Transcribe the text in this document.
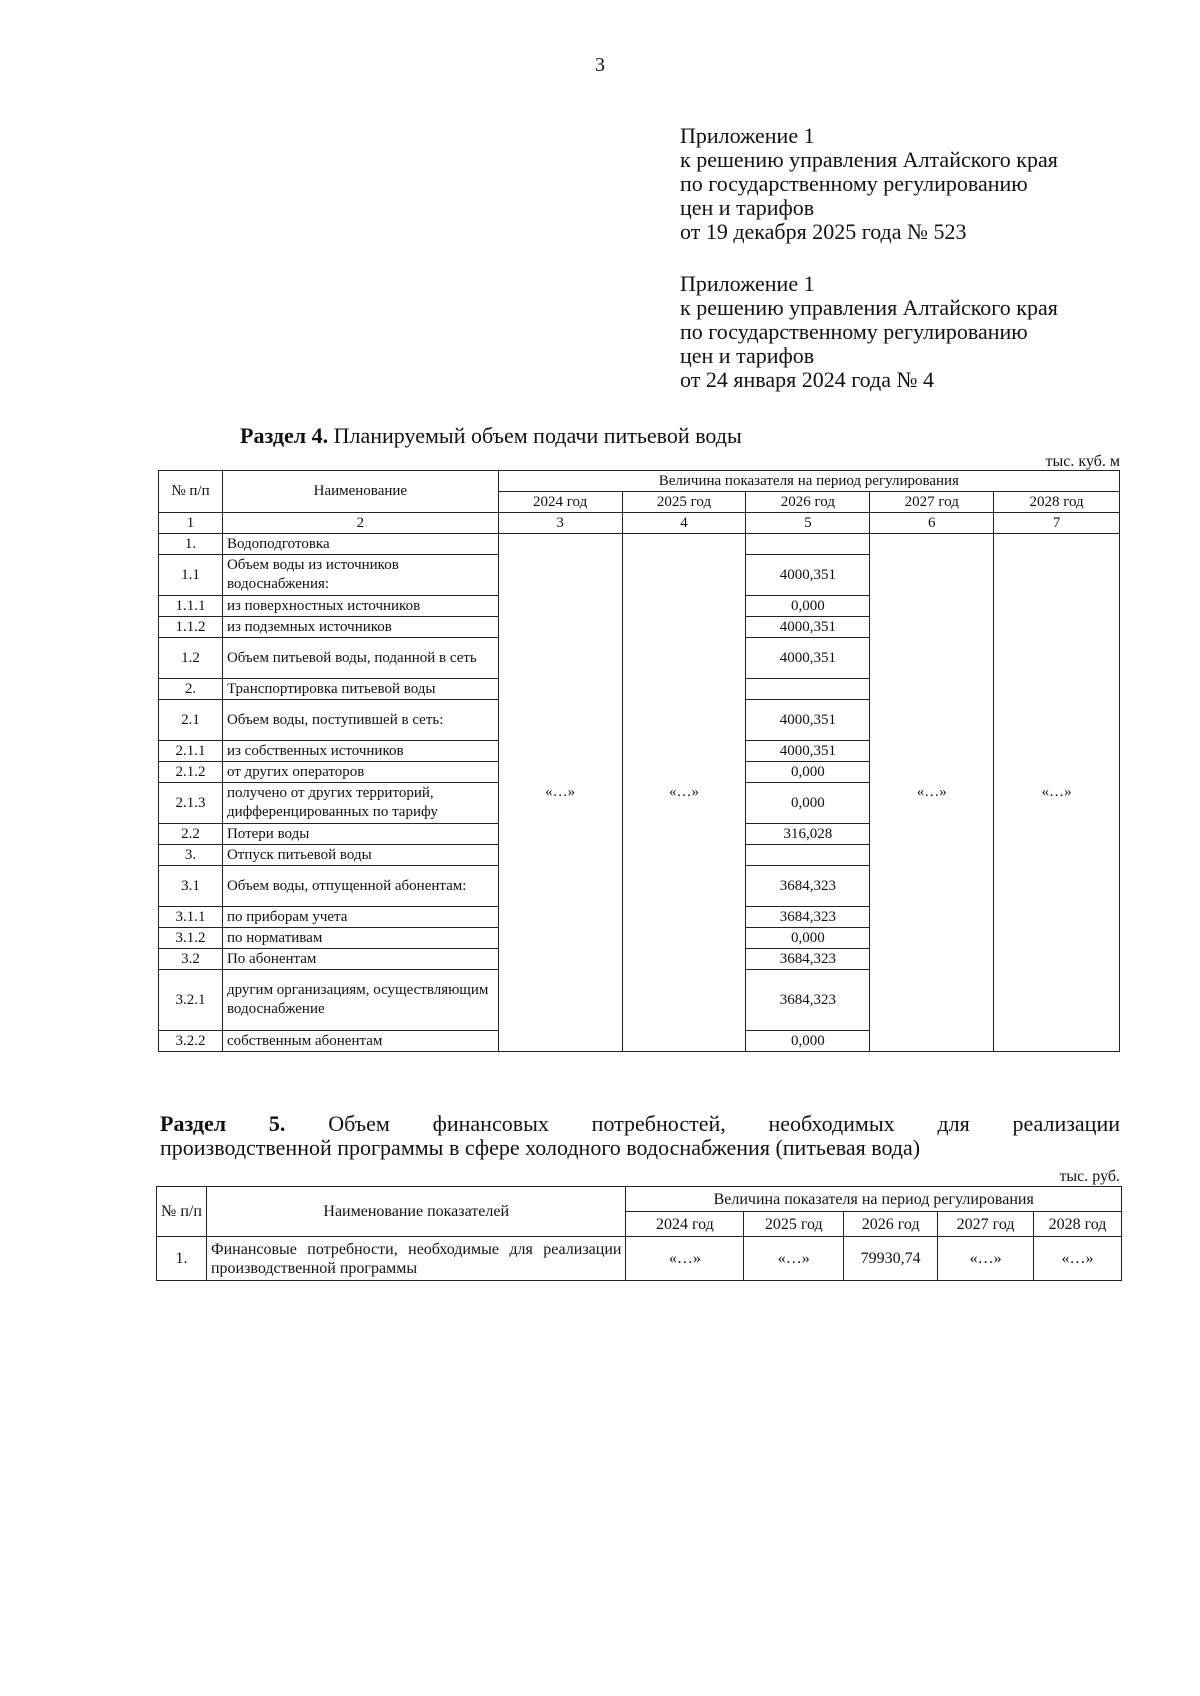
3
Приложение 1
к решению управления Алтайского края
по государственному регулированию
цен и тарифов
от 19 декабря 2025 года № 523
Приложение 1
к решению управления Алтайского края
по государственному регулированию
цен и тарифов
от 24 января 2024 года № 4
Раздел 4. Планируемый объем подачи питьевой воды
тыс. куб. м
№ п/п	Наименование	Величина показателя на период регулирования				
		2024 год	2025 год	2026 год	2027 год	2028 год
1	2	3	4	5	6	7
1.	Водоподготовка	«…»	«…»		«…»	«…»
1.1	Объем воды из источников водоснабжения:			4000,351		
1.1.1	из поверхностных источников			0,000		
1.1.2	из подземных источников			4000,351		
1.2	Объем питьевой воды, поданной в сеть			4000,351		
2.	Транспортировка питьевой воды					
2.1	Объем воды, поступившей в сеть:			4000,351		
2.1.1	из собственных источников			4000,351		
2.1.2	от других операторов			0,000		
2.1.3	получено от других территорий, дифференцированных по тарифу			0,000		
2.2	Потери воды			316,028		
3.	Отпуск питьевой воды					
3.1	Объем воды, отпущенной абонентам:			3684,323		
3.1.1	по приборам учета			3684,323		
3.1.2	по нормативам			0,000		
3.2	По абонентам			3684,323		
3.2.1	другим организациям, осуществляющим водоснабжение			3684,323		
3.2.2	собственным абонентам			0,000		
Раздел 5. Объем финансовых потребностей, необходимых для реализации
производственной программы в сфере холодного водоснабжения (питьевая вода)
тыс. руб.
№ п/п	Наименование показателей	Величина показателя на период регулирования				
		2024 год	2025 год	2026 год	2027 год	2028 год
1.	Финансовые потребности, необходимые для реализации производственной программы	«…»	«…»	79930,74	«…»	«…»
